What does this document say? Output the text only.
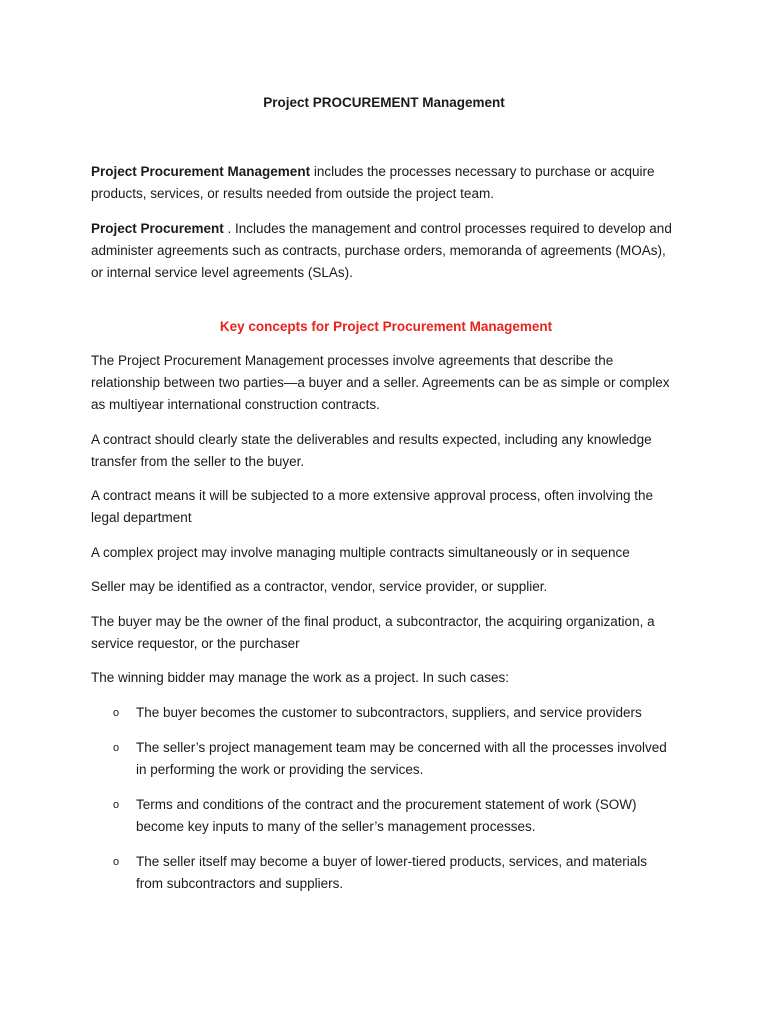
Project PROCUREMENT Management

Project Procurement Management includes the processes necessary to purchase or acquire products, services, or results needed from outside the project team.

Project Procurement . Includes the management and control processes required to develop and administer agreements such as contracts, purchase orders, memoranda of agreements (MOAs), or internal service level agreements (SLAs).

Key concepts for Project Procurement Management

The Project Procurement Management processes involve agreements that describe the relationship between two parties—a buyer and a seller. Agreements can be as simple or complex as multiyear international construction contracts.

A contract should clearly state the deliverables and results expected, including any knowledge transfer from the seller to the buyer.

A contract means it will be subjected to a more extensive approval process, often involving the legal department

A complex project may involve managing multiple contracts simultaneously or in sequence

Seller may be identified as a contractor, vendor, service provider, or supplier.

The buyer may be the owner of the final product, a subcontractor, the acquiring organization, a service requestor, or the purchaser

The winning bidder may manage the work as a project. In such cases:

o The buyer becomes the customer to subcontractors, suppliers, and service providers
o The seller’s project management team may be concerned with all the processes involved in performing the work or providing the services.
o Terms and conditions of the contract and the procurement statement of work (SOW) become key inputs to many of the seller’s management processes.
o The seller itself may become a buyer of lower-tiered products, services, and materials from subcontractors and suppliers.
